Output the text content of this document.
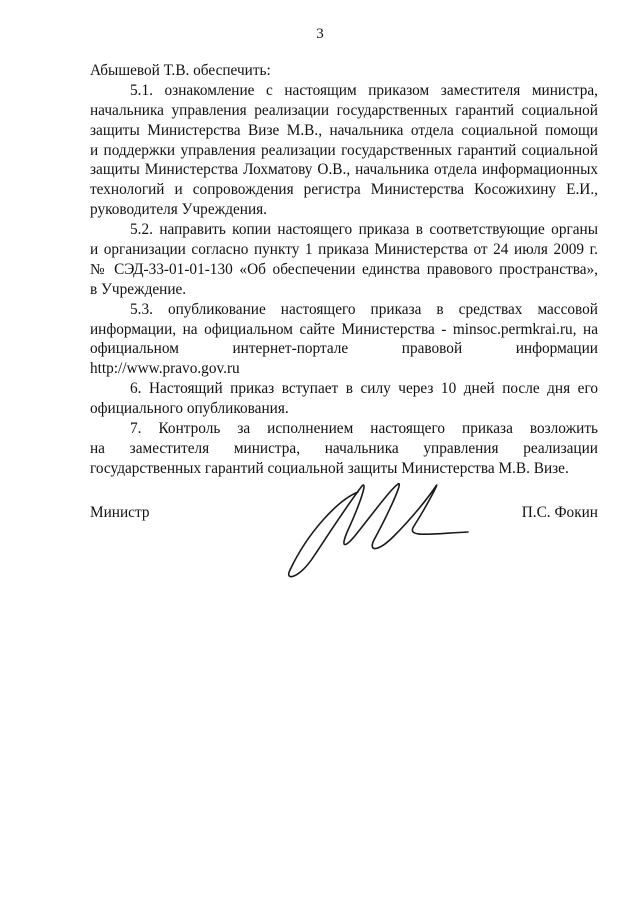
3
Абышевой Т.В. обеспечить:
5.1. ознакомление с настоящим приказом заместителя министра,
начальника управления реализации государственных гарантий социальной
защиты Министерства Визе М.В., начальника отдела социальной помощи
и поддержки управления реализации государственных гарантий социальной
защиты Министерства Лохматову О.В., начальника отдела информационных
технологий и сопровождения регистра Министерства Косожихину Е.И.,
руководителя Учреждения.
5.2. направить копии настоящего приказа в соответствующие органы
и организации согласно пункту 1 приказа Министерства от 24 июля 2009 г.
№ СЭД-33-01-01-130 «Об обеспечении единства правового пространства»,
в Учреждение.
5.3. опубликование настоящего приказа в средствах массовой
информации, на официальном сайте Министерства - minsoc.permkrai.ru, на
официальном интернет-портале правовой информации
http://www.pravo.gov.ru
6. Настоящий приказ вступает в силу через 10 дней после дня его
официального опубликования.
7. Контроль за исполнением настоящего приказа возложить
на заместителя министра, начальника управления реализации
государственных гарантий социальной защиты Министерства М.В. Визе.
Министр	П.С. Фокин
